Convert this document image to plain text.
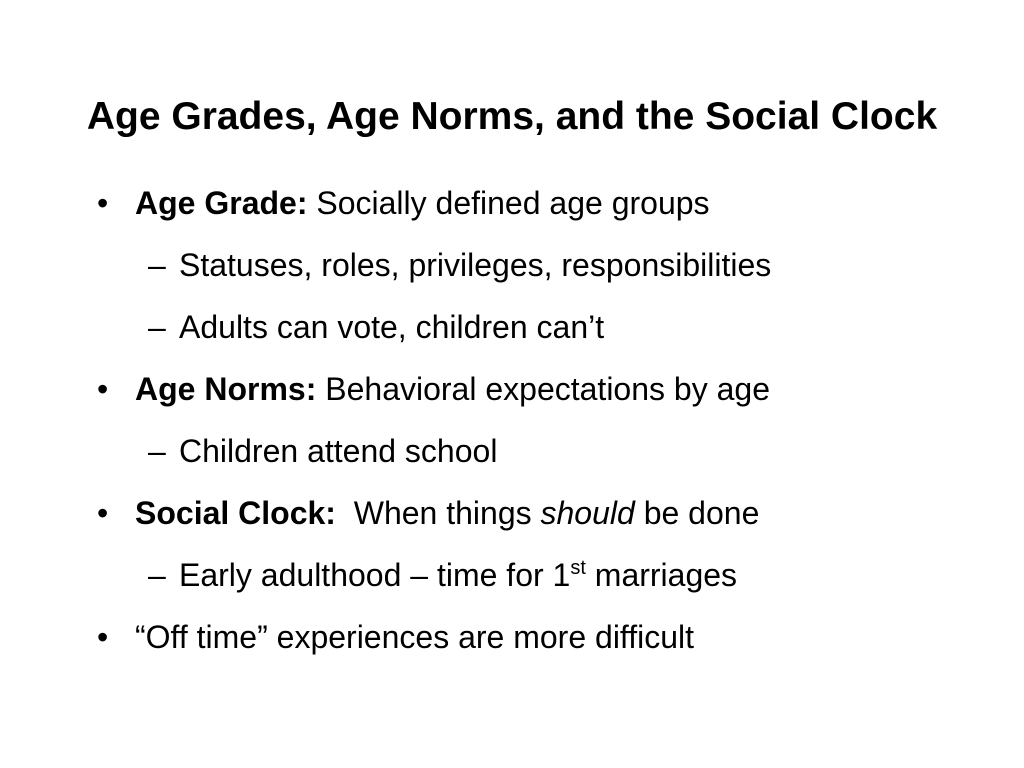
Age Grades, Age Norms, and the Social Clock
• Age Grade: Socially defined age groups
– Statuses, roles, privileges, responsibilities
– Adults can vote, children can’t
• Age Norms: Behavioral expectations by age
– Children attend school
• Social Clock:  When things should be done
– Early adulthood – time for 1st marriages
• “Off time” experiences are more difficult
